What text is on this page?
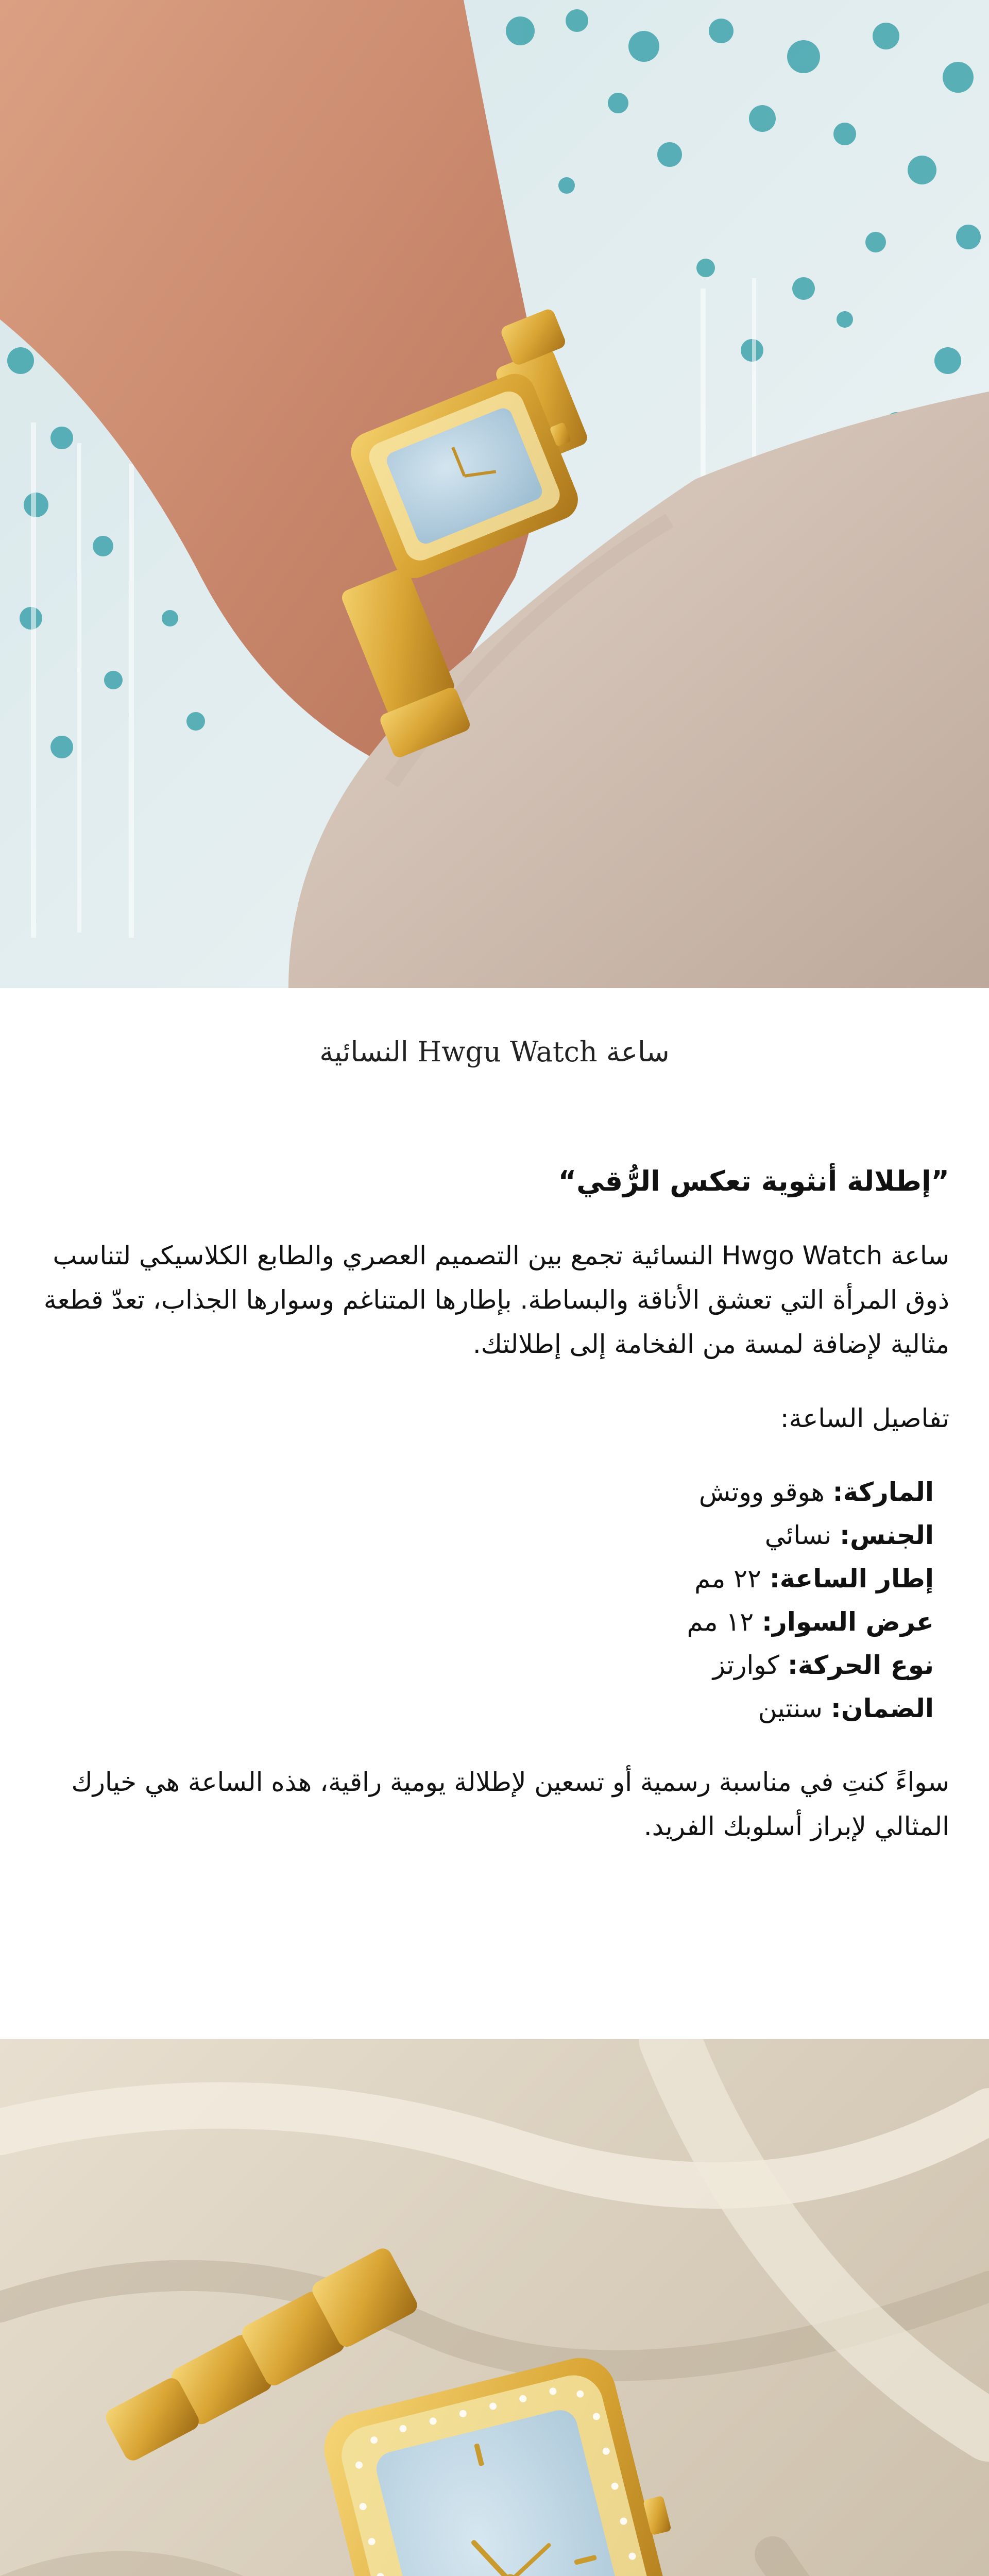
ساعة Hwgu Watch النسائية
”إطلالة أنثوية تعكس الرُّقي“
ساعة Hwgo Watch النسائية تجمع بين التصميم العصري والطابع الكلاسيكي لتناسب ذوق المرأة التي تعشق الأناقة والبساطة. بإطارها المتناغم وسوارها الجذاب، تعدّ قطعة مثالية لإضافة لمسة من الفخامة إلى إطلالتك.
تفاصيل الساعة:
الماركة: هوقو ووتش
الجنس: نسائي
إطار الساعة: ٢٢ مم
عرض السوار: ١٢ مم
نوع الحركة: كوارتز
الضمان: سنتين
سواءً كنتِ في مناسبة رسمية أو تسعين لإطلالة يومية راقية، هذه الساعة هي خيارك المثالي لإبراز أسلوبك الفريد.
